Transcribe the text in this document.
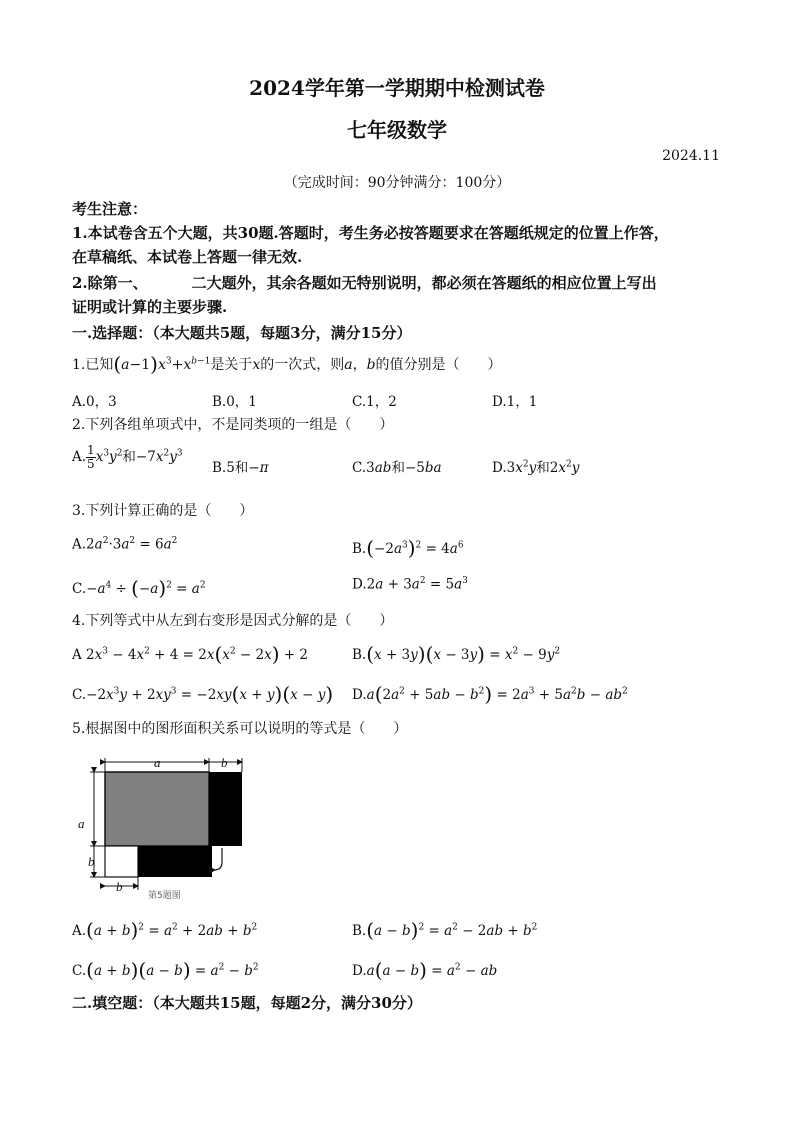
2024学年第一学期期中检测试卷
七年级数学
2024.11
（完成时间：90分钟满分：100分）
考生注意：
1.本试卷含五个大题，共30题.答题时，考生务必按答题要求在答题纸规定的位置上作答，
在草稿纸、本试卷上答题一律无效.
2.除第一、	二大题外，其余各题如无特别说明，都必须在答题纸的相应位置上写出
证明或计算的主要步骤.
一.选择题：（本大题共5题，每题3分，满分15分）
1.已知$(a-1)x^3+x^{b-1}$是关于x的一次式，则a，b的值分别是（　　）
A.0，3	B.0，1	C.1，2	D.1，1
2.下列各组单项式中，不是同类项的一组是（　　）
A. $\frac{1}{5} x^3y^2$和$-7x^2y^3$
B.5和−π	C.3ab和−5ba	$D.3x^2y$和$2x^2y$
3.下列计算正确的是（　　）
$A.2a^2\cdot 3a^2 = 6a^2$	$B.(-2a^3)^2 = 4a^6$
$C.-a^4 \div (-a)^2 = a^2$	$D.2a + 3a^2 = 5a^3$
4.下列等式中从左到右变形是因式分解的是（　　）
A $2x^3 - 4x^2 + 4 = 2x(x^2 - 2x) + 2$	$B.(x + 3y)(x - 3y) = x^2 - 9y^2$
$C.-2x^3y + 2xy^3 = -2xy(x + y)(x - y) D.a(2a^2 + 5ab - b^2) = 2a^3 + 5a^2b - ab^2$
5.根据图中的图形面积关系可以说明的等式是（　　）
a	b
a
b
b
第5题图
$A.(a + b)^2 = a^2 + 2ab + b^2$	$B.(a - b)^2 = a^2 - 2ab + b^2$
$C.(a + b)(a - b) = a^2 - b^2$	$D.a(a - b) = a^2$ − ab
二.填空题：（本大题共15题，每题2分，满分30分）
